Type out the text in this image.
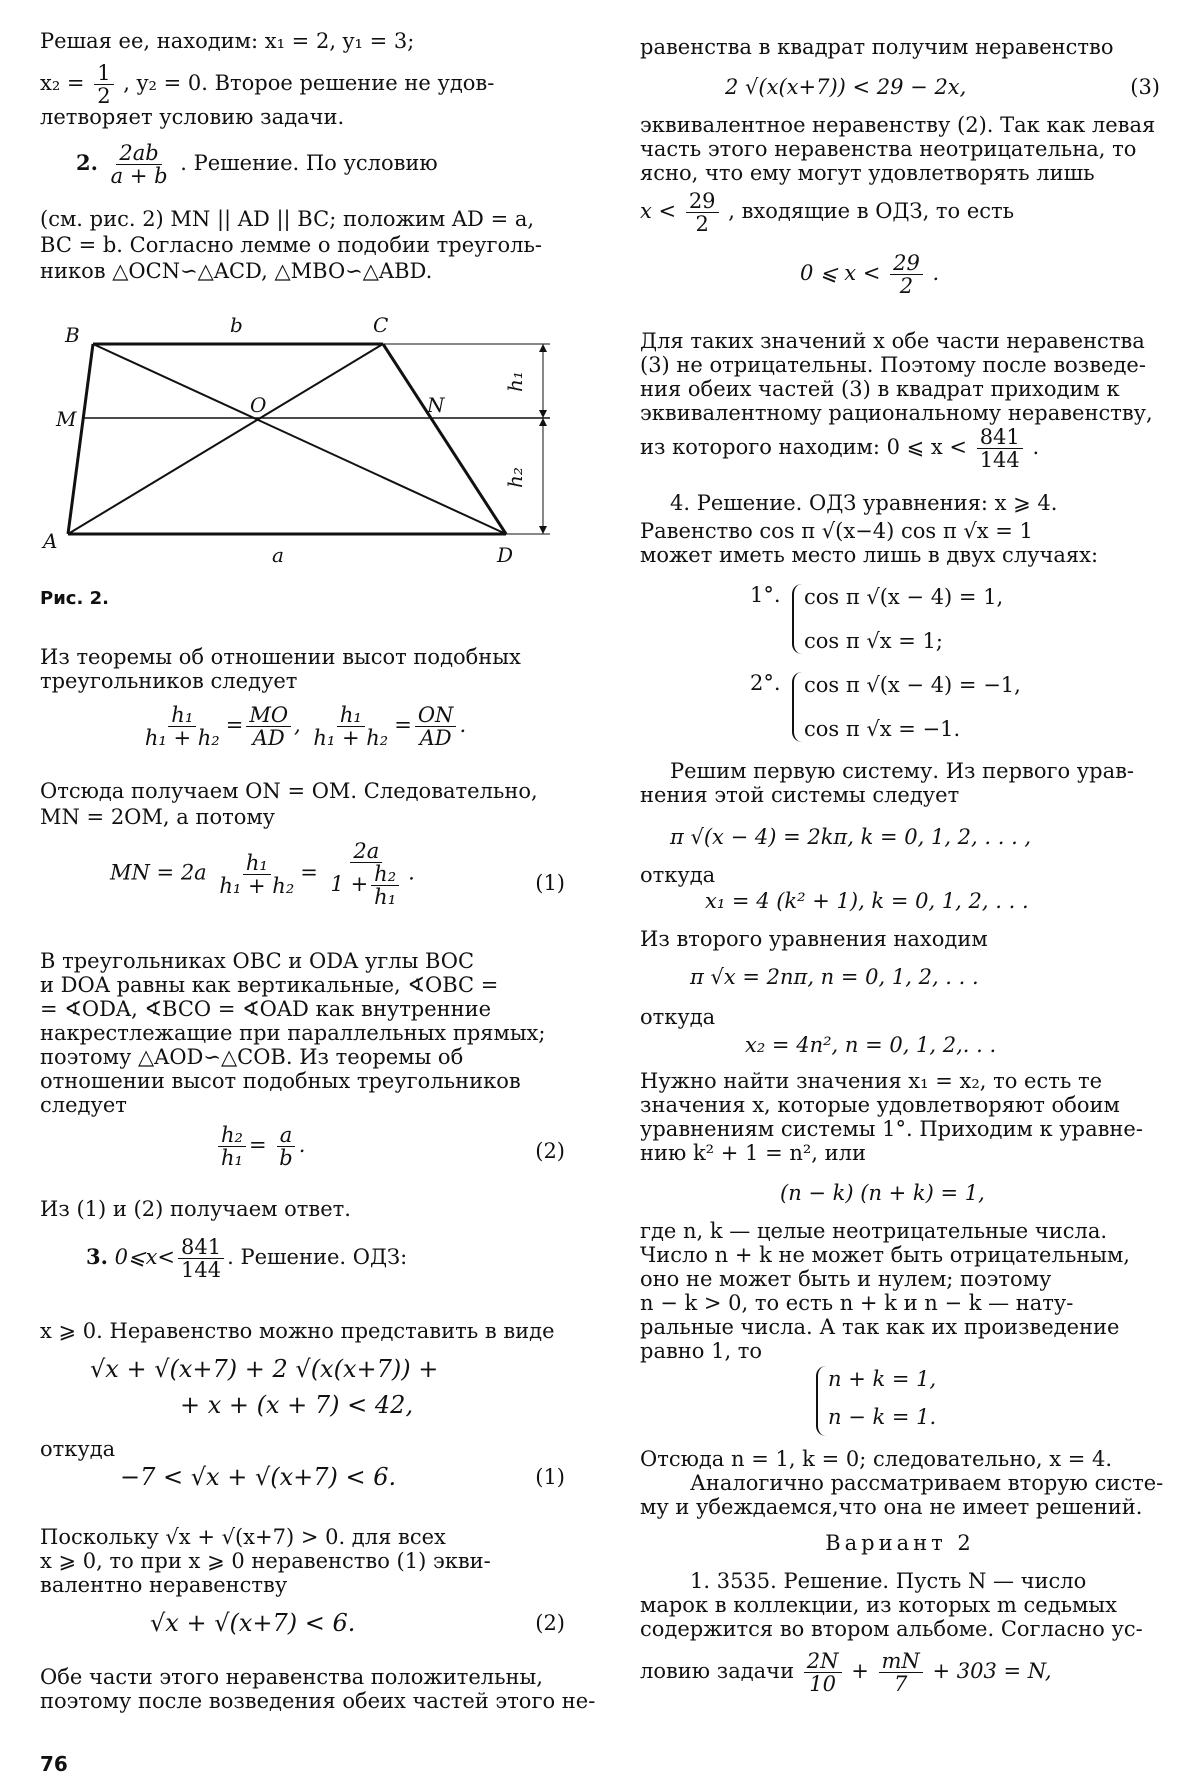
Решая ее, находим: x₁ = 2, y₁ = 3;
$x_2 = \frac{1}{2}$ , y₂ = 0. Второе решение не удов-
летворяет условию задачи.
2. $\frac{2ab}{a + b}$ . Решение. По условию
(см. рис. 2) MN || AD || BC; положим AD = a,
BC = b. Согласно лемме о подобии треуголь-
ников △OCN∽△ACD, △MBO∽△ABD.
B	C
b
M
O	N
A
a	D
h₁
h₂
Рис. 2.
Из теоремы об отношении высот подобных
треугольников следует
$\frac{\text{h₁}}{\text{h₁ + h₂}} = \frac{MO}{AD}$ , $\frac{\text{h₁}}{\text{h₁ + h₂}} = \frac{ON}{AD}$ .
Отсюда получаем ON = OM. Следовательно,
MN = 2OM, а потому
MN = $2a \frac{\text{h₁}}{\text{h₁ + h₂}} = \frac{2a}{1 + \frac{\text{h₂}}{\text{h₁}}}$ .	(1)
В треугольниках OBC и ODA углы BOC
и DOA равны как вертикальные, ∢OBC =
= ∢ODA, ∢BCO = ∢OAD как внутренние
накрестлежащие при параллельных прямых;
поэтому △AOD∽△COB. Из теоремы об
отношении высот подобных треугольников
следует
$\frac{\text{h₂}}{\text{h₁}} = \frac{a}{b}$ .	(2)
Из (1) и (2) получаем ответ.
3. 0⩽x< $\frac{841}{144}$ . Решение. ОДЗ:
x ⩾ 0. Неравенство можно представить в виде
√x + √(x+7) + 2 √(x(x+7)) +
+ x + (x + 7) < 42,
откуда
−7 < √x + √(x+7) < 6.	(1)
Поскольку √x + √(x+7) > 0. для всех
x ⩾ 0, то при x ⩾ 0 неравенство (1) экви-
валентно неравенству
√x + √(x+7) < 6.	(2)
Обе части этого неравенства положительны,
поэтому после возведения обеих частей этого не-
равенства в квадрат получим неравенство
2 √(x(x+7)) < 29 − 2x,	(3)
эквивалентное неравенству (2). Так как левая
часть этого неравенства неотрицательна, то
ясно, что ему могут удовлетворять лишь
$x < \frac{29}{2}$ , входящие в ОДЗ, то есть
0 ⩽ $x < \frac{29}{2}$ .
Для таких значений x обе части неравенства
(3) не отрицательны. Поэтому после возведе-
ния обеих частей (3) в квадрат приходим к
эквивалентному рациональному неравенству,
из которого находим: 0 ⩽ $x < \frac{841}{144}$ .
4. Решение. ОДЗ уравнения: x ⩾ 4.
Равенство cos π √(x−4) cos π √x = 1
может иметь место лишь в двух случаях:
1°. cos π √(x − 4) = 1,
cos π √x = 1;
2°. cos π √(x − 4) = −1,
cos π √x = −1.
Решим первую систему. Из первого урав-
нения этой системы следует
π √(x − 4) = 2kπ, k = 0, 1, 2, . . . ,
откуда
x₁ = 4 (k² + 1), k = 0, 1, 2, . . .
Из второго уравнения находим
π √x = 2nπ, n = 0, 1, 2, . . .
откуда
x₂ = 4n², n = 0, 1, 2,. . .
Нужно найти значения x₁ = x₂, то есть те
значения x, которые удовлетворяют обоим
уравнениям системы 1°. Приходим к уравне-
нию k² + 1 = n², или
(n − k) (n + k) = 1,
где n, k — целые неотрицательные числа.
Число n + k не может быть отрицательным,
оно не может быть и нулем; поэтому
n − k > 0, то есть n + k и n − k — нату-
ральные числа. А так как их произведение
равно 1, то
n + k = 1,
n − k = 1.
Отсюда n = 1, k = 0; следовательно, x = 4.
Аналогично рассматриваем вторую систе-
му и убеждаемся,что она не имеет решений.
Вариант 2
1. 3535. Решение. Пусть N — число
марок в коллекции, из которых m седьмых
содержится во втором альбоме. Согласно ус-
ловию задачи $\frac{2N}{10} + \frac{mN}{7} + 303 = N$,
76
